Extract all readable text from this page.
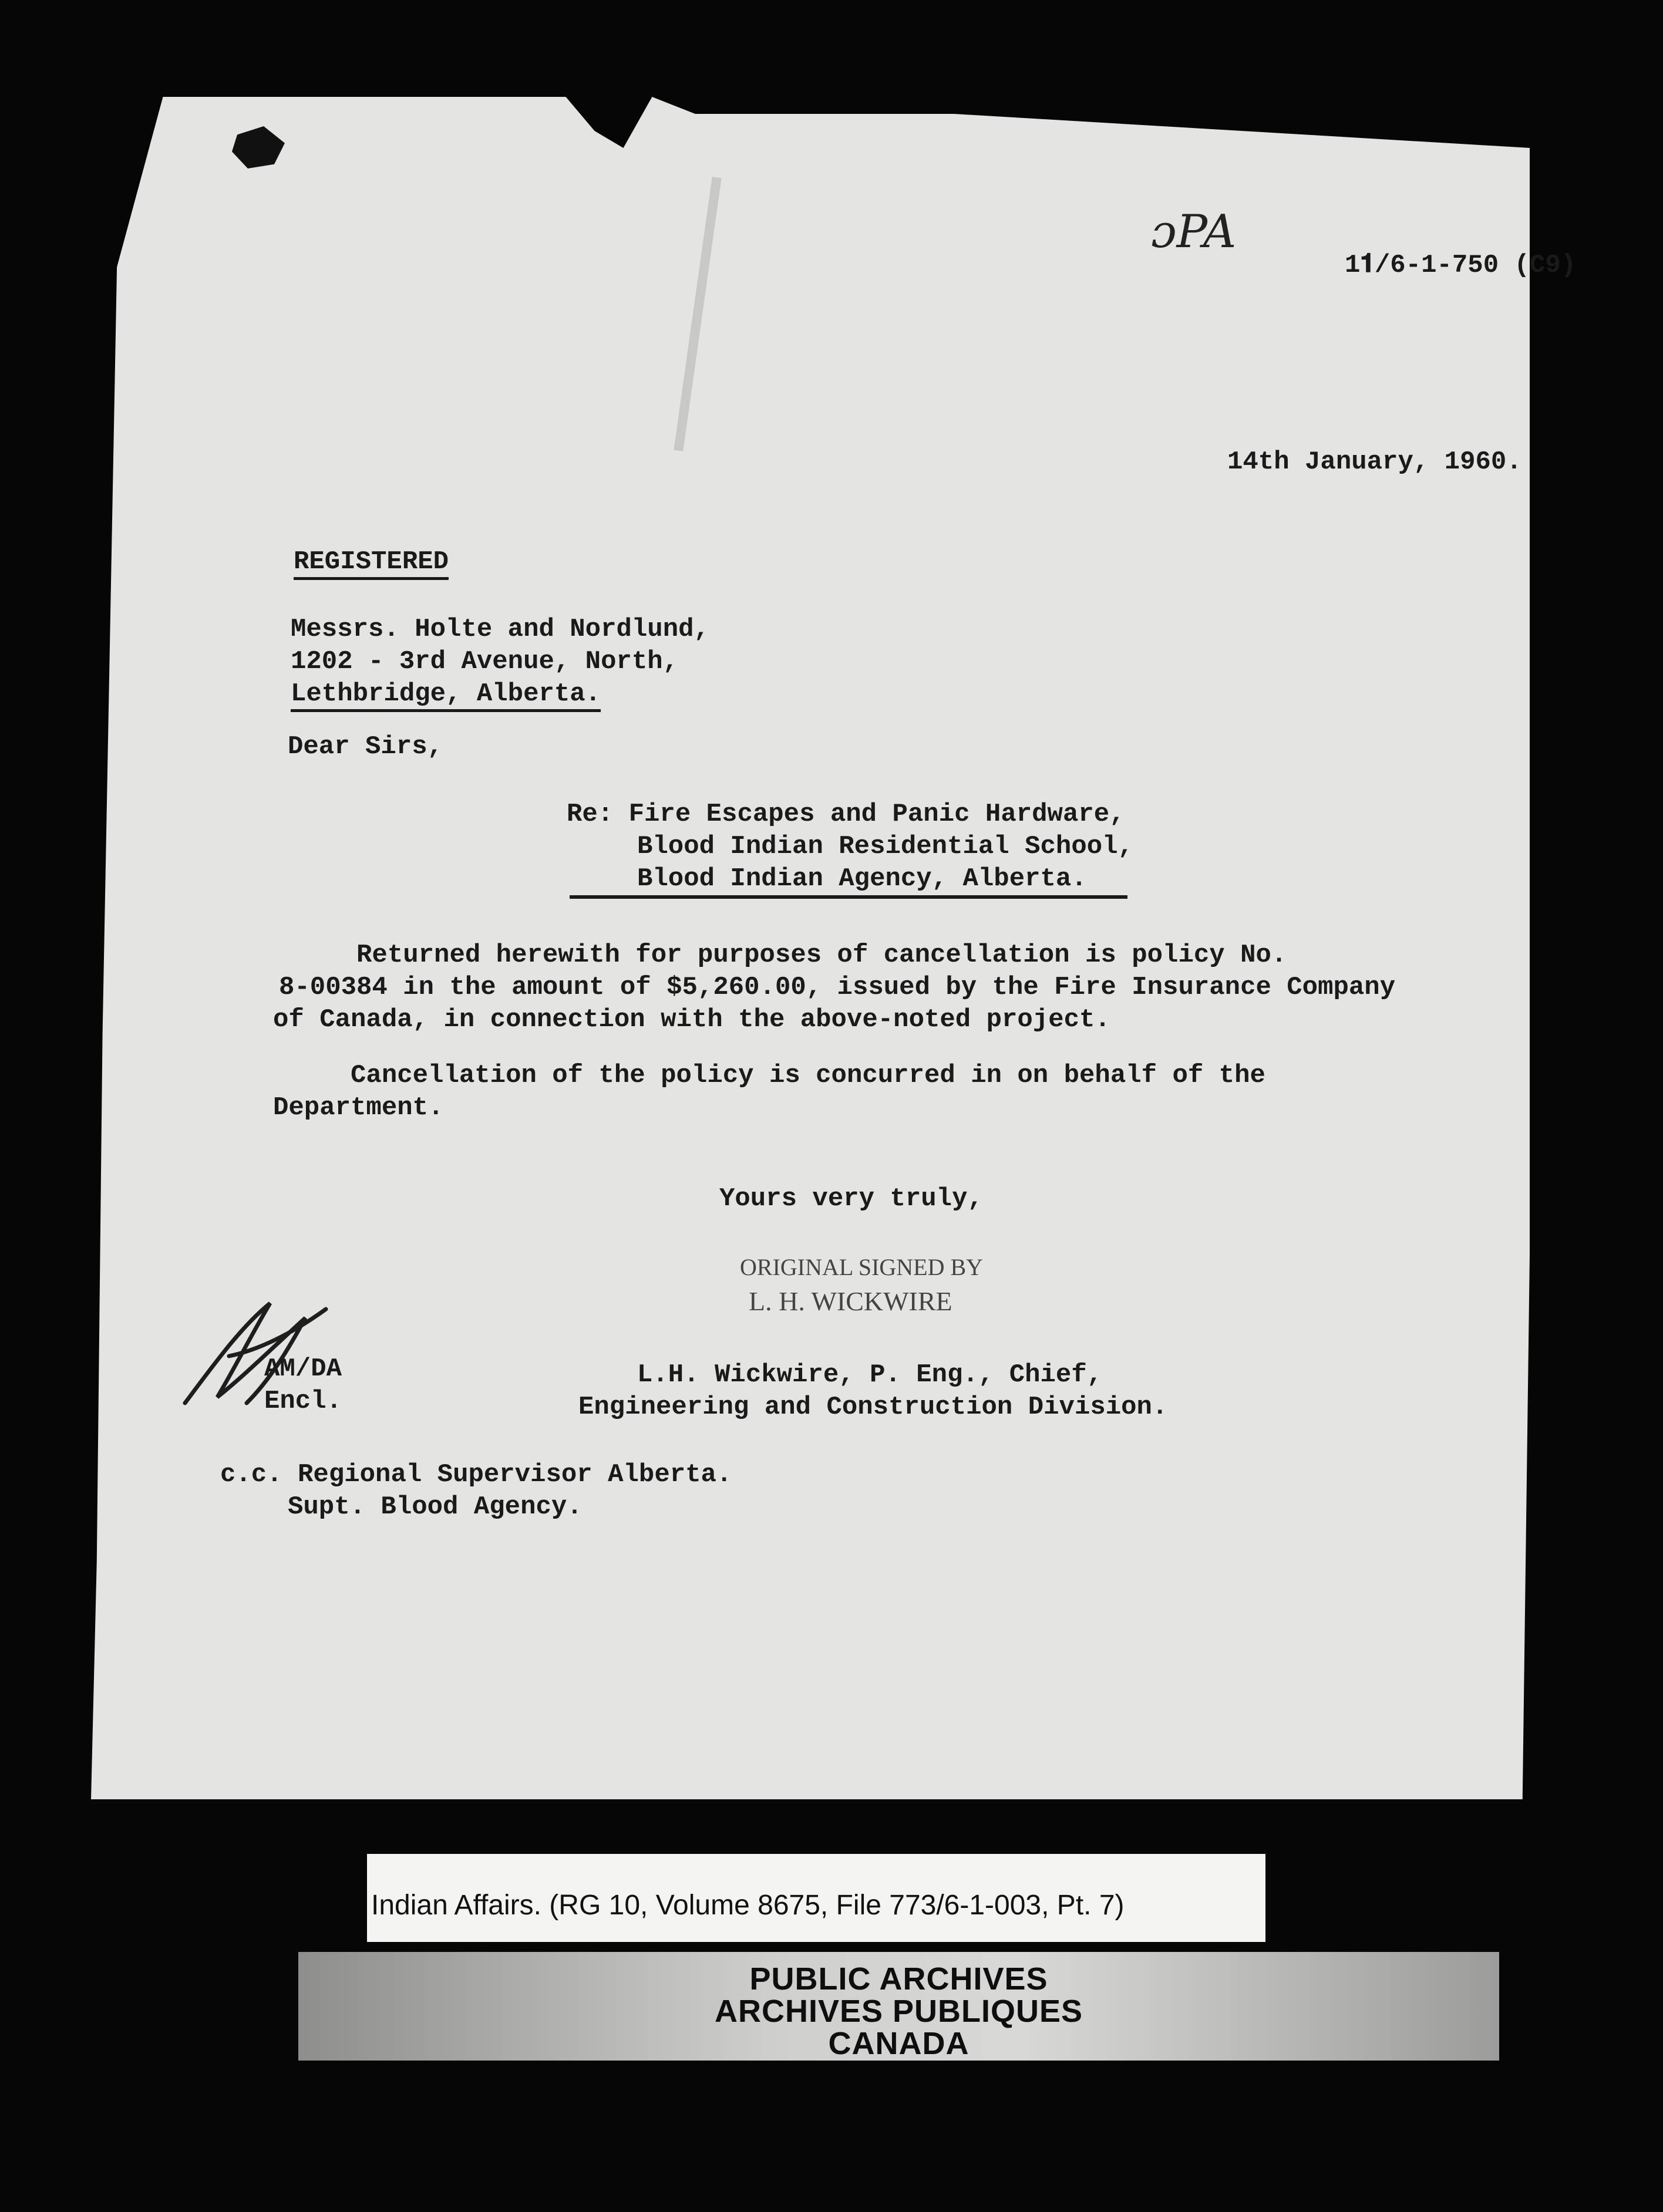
ɔPA
1𝟏/6-1-750 (C9)
14th January, 1960.
REGISTERED
Messrs. Holte and Nordlund,
1202 - 3rd Avenue, North,
Lethbridge, Alberta.
Dear Sirs,
Re: Fire Escapes and Panic Hardware,
Blood Indian Residential School,
Blood Indian Agency, Alberta.
Returned herewith for purposes of cancellation is policy No.
8-00384 in the amount of $5,260.00, issued by the Fire Insurance Company
of Canada, in connection with the above-noted project.
Cancellation of the policy is concurred in on behalf of the
Department.
Yours very truly,
ORIGINAL SIGNED BY
L. H. WICKWIRE
AM/DA
Encl.
L.H. Wickwire, P. Eng., Chief,
Engineering and Construction Division.
c.c. Regional Supervisor Alberta.
Supt. Blood Agency.
Indian Affairs. (RG 10, Volume 8675, File 773/6-1-003, Pt. 7)
PUBLIC ARCHIVES
ARCHIVES PUBLIQUES
CANADA
